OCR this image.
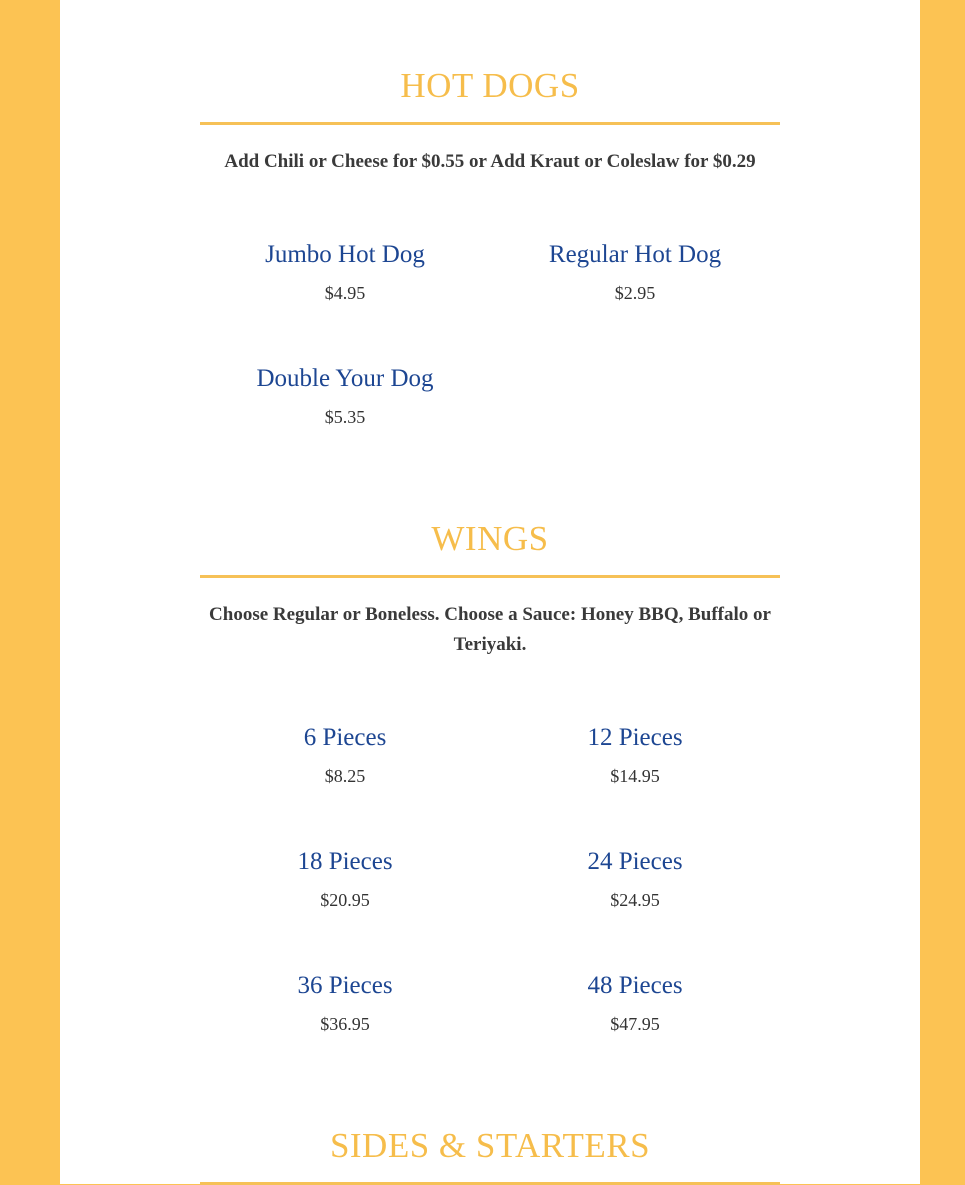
HOT DOGS
Add Chili or Cheese for $0.55 or Add Kraut or Coleslaw for $0.29
Jumbo Hot Dog
$4.95
Regular Hot Dog
$2.95
Double Your Dog
$5.35
WINGS
Choose Regular or Boneless. Choose a Sauce: Honey BBQ, Buffalo or Teriyaki.
6 Pieces
$8.25
12 Pieces
$14.95
18 Pieces
$20.95
24 Pieces
$24.95
36 Pieces
$36.95
48 Pieces
$47.95
SIDES & STARTERS
